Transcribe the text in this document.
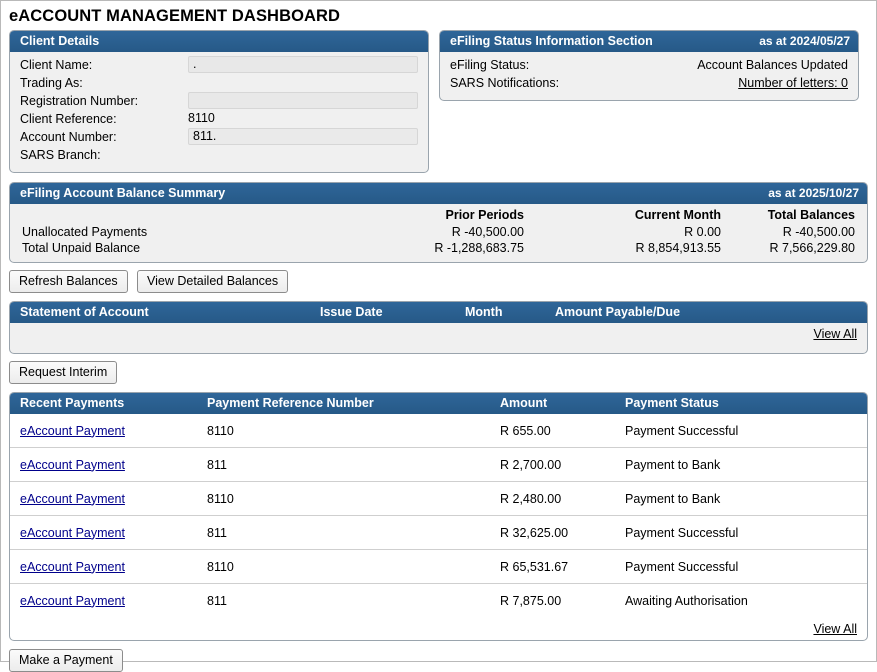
eACCOUNT MANAGEMENT DASHBOARD
Client Details
Client Name:	.
Trading As:
Registration Number:
Client Reference:	8110
Account Number:	811.
SARS Branch:
eFiling Status Information Section	as at 2024/05/27
eFiling Status:	Account Balances Updated
SARS Notifications:	Number of letters: 0
eFiling Account Balance Summary	as at 2025/10/27
	Prior Periods	Current Month	Total Balances
Unallocated Payments	R -40,500.00	R 0.00	R -40,500.00
Total Unpaid Balance	R -1,288,683.75	R 8,854,913.55	R 7,566,229.80
Refresh Balances View Detailed Balances
Statement of Account	Issue Date	Month	Amount Payable/Due
View All
Request Interim
Recent Payments	Payment Reference Number	Amount	Payment Status
eAccount Payment	8110	R 655.00	Payment Successful
eAccount Payment	811	R 2,700.00	Payment to Bank
eAccount Payment	8110	R 2,480.00	Payment to Bank
eAccount Payment	811	R 32,625.00	Payment Successful
eAccount Payment	8110	R 65,531.67	Payment Successful
eAccount Payment	811	R 7,875.00	Awaiting Authorisation
View All
Make a Payment
